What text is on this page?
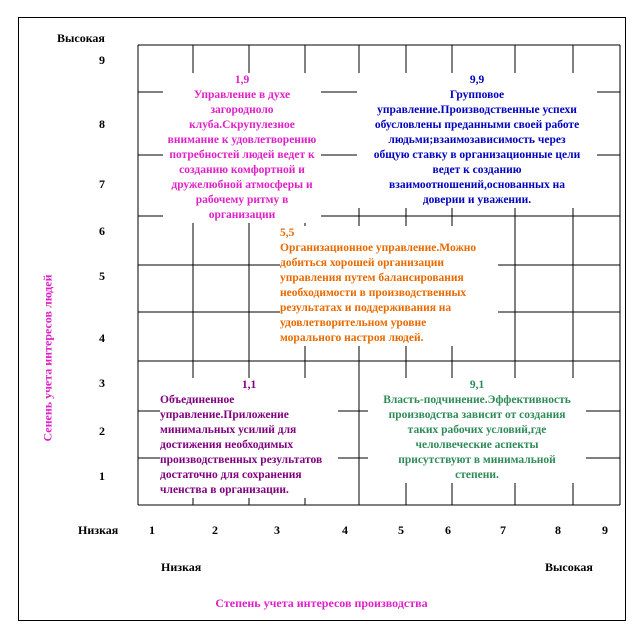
Высокая
9
8
7
6
5
4
3
2
1
Сенень учета интересов людей
Низкая	1	2	3	4	5	6	7	8	9
Низкая	Высокая
Степень учета интересов производства
1,9
Управление в духе
загородноло
клуба.Скрупулезное
внимание к удовлетворению
потребностей людей ведет к
созданию комфортной и
дружелюбной атмосферы и
рабочему ритму в
организации
9,9
Групповое
управление.Производственные успехи
обусловлены преданными своей работе
людьми;взаимозависимость через
общую ставку в организационные цели
ведет к созданию
взаимоотношений,основанных на
доверии и уважении.
5,5
Организационное управление.Можно
добиться хорошей организации
управления путем балансирования
необходимости в производственных
результатах и поддерживания на
удовлетворительном уровне
морального настроя людей.
1,1
Объединенное
управление.Приложение
минимальных усилий для
достижения необходимых
производственных результатов
достаточно для сохранения
членства в организации.
9,1
Власть-подчинение.Эффективность
производства зависит от создания
таких рабочих условий,где
челолвеческие аспекты
присутствуют в минимальной
степени.
